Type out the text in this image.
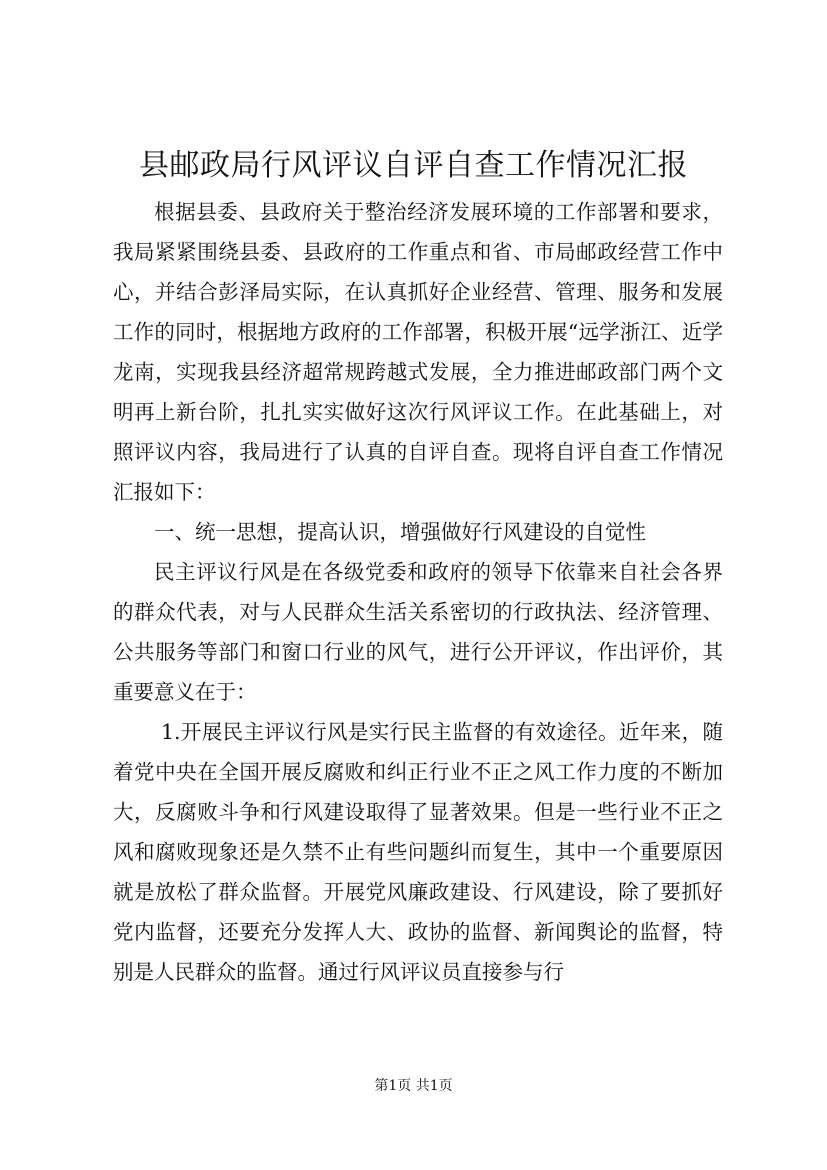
县邮政局行风评议自评自查工作情况汇报

根据县委、县政府关于整治经济发展环境的工作部署和要求，我局紧紧围绕县委、县政府的工作重点和省、市局邮政经营工作中心，并结合彭泽局实际，在认真抓好企业经营、管理、服务和发展工作的同时，根据地方政府的工作部署，积极开展“远学浙江、近学龙南，实现我县经济超常规跨越式发展，全力推进邮政部门两个文明再上新台阶，扎扎实实做好这次行风评议工作。在此基础上，对照评议内容，我局进行了认真的自评自查。现将自评自查工作情况汇报如下：

一、统一思想，提高认识，增强做好行风建设的自觉性

民主评议行风是在各级党委和政府的领导下依靠来自社会各界的群众代表，对与人民群众生活关系密切的行政执法、经济管理、公共服务等部门和窗口行业的风气，进行公开评议，作出评价，其重要意义在于：

1.开展民主评议行风是实行民主监督的有效途径。近年来，随着党中央在全国开展反腐败和纠正行业不正之风工作力度的不断加大，反腐败斗争和行风建设取得了显著效果。但是一些行业不正之风和腐败现象还是久禁不止有些问题纠而复生，其中一个重要原因就是放松了群众监督。开展党风廉政建设、行风建设，除了要抓好党内监督，还要充分发挥人大、政协的监督、新闻舆论的监督，特别是人民群众的监督。通过行风评议员直接参与行

第1页 共1页
